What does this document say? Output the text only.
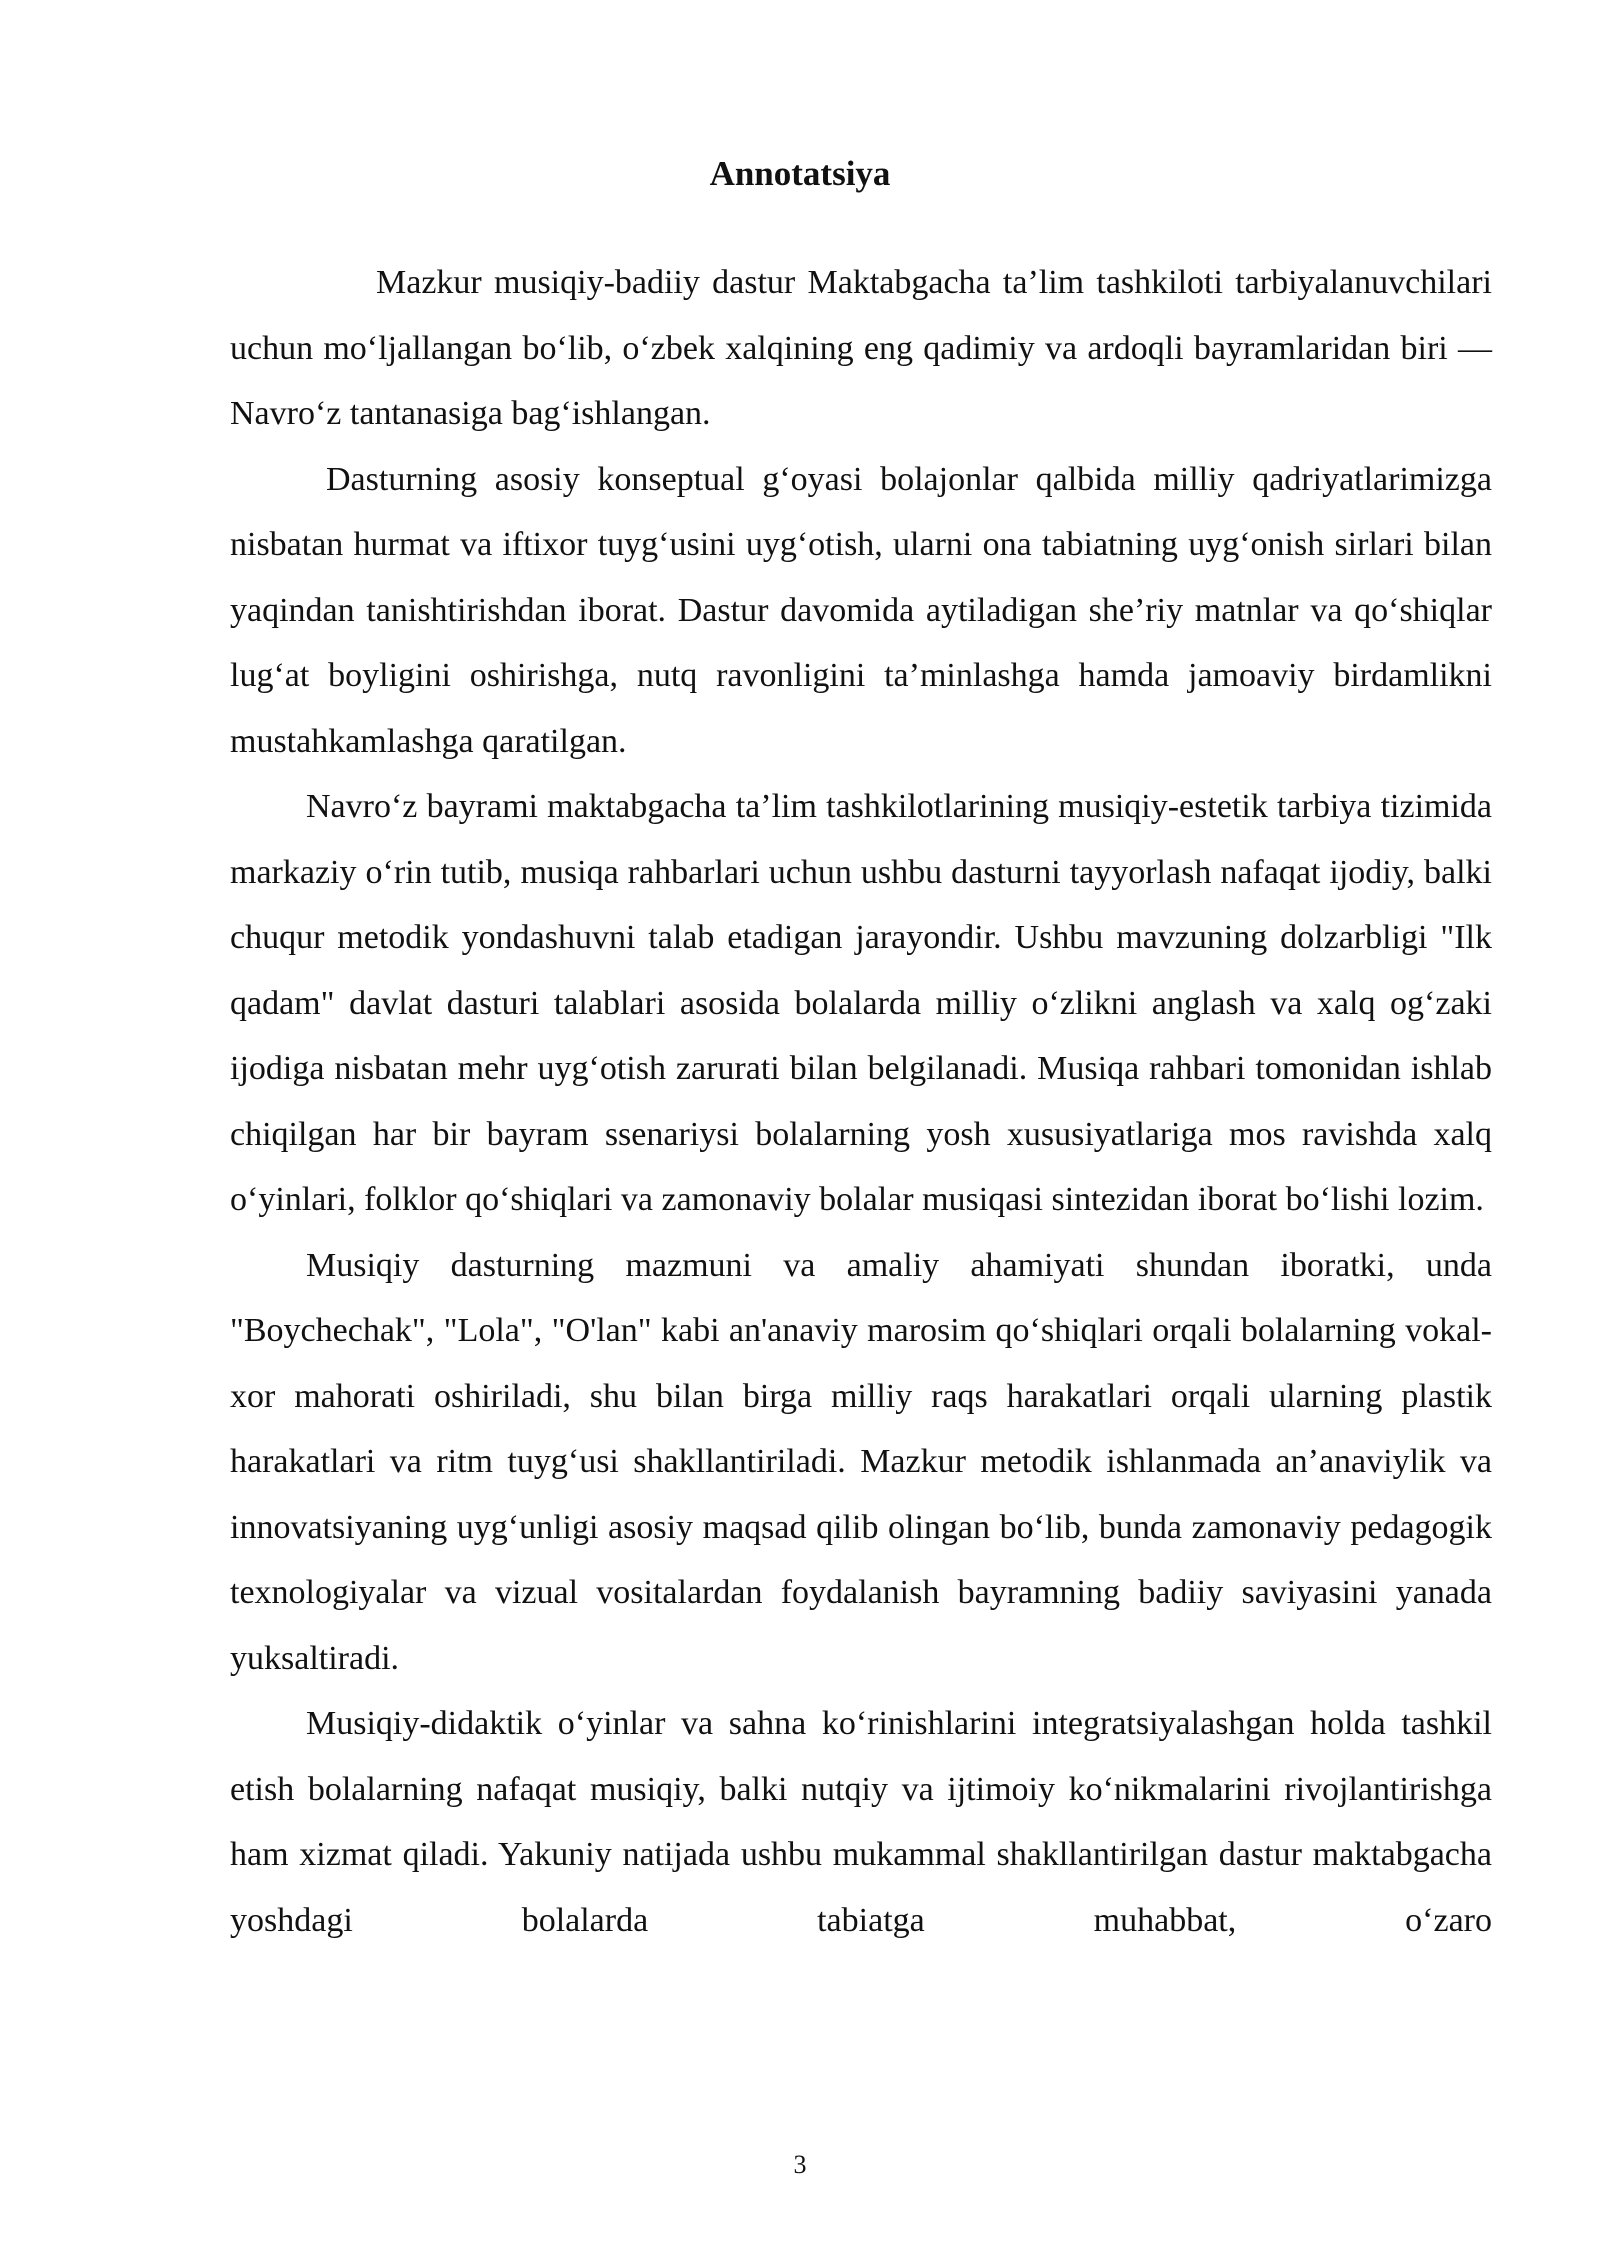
Annotatsiya

Mazkur musiqiy-badiiy dastur Maktabgacha ta’lim tashkiloti tarbiyalanuvchilari uchun mo‘ljallangan bo‘lib, o‘zbek xalqining eng qadimiy va ardoqli bayramlaridan biri — Navro‘z tantanasiga bag‘ishlangan.

Dasturning asosiy konseptual g‘oyasi bolajonlar qalbida milliy qadriyatlarimizga nisbatan hurmat va iftixor tuyg‘usini uyg‘otish, ularni ona tabiatning uyg‘onish sirlari bilan yaqindan tanishtirishdan iborat. Dastur davomida aytiladigan she’riy matnlar va qo‘shiqlar lug‘at boyligini oshirishga, nutq ravonligini ta’minlashga hamda jamoaviy birdamlikni mustahkamlashga qaratilgan.

Navro‘z bayrami maktabgacha ta’lim tashkilotlarining musiqiy-estetik tarbiya tizimida markaziy o‘rin tutib, musiqa rahbarlari uchun ushbu dasturni tayyorlash nafaqat ijodiy, balki chuqur metodik yondashuvni talab etadigan jarayondir. Ushbu mavzuning dolzarbligi "Ilk qadam" davlat dasturi talablari asosida bolalarda milliy o‘zlikni anglash va xalq og‘zaki ijodiga nisbatan mehr uyg‘otish zarurati bilan belgilanadi. Musiqa rahbari tomonidan ishlab chiqilgan har bir bayram ssenariysi bolalarning yosh xususiyatlariga mos ravishda xalq o‘yinlari, folklor qo‘shiqlari va zamonaviy bolalar musiqasi sintezidan iborat bo‘lishi lozim.

Musiqiy dasturning mazmuni va amaliy ahamiyati shundan iboratki, unda "Boychechak", "Lola", "O'lan" kabi an'anaviy marosim qo‘shiqlari orqali bolalarning vokal-xor mahorati oshiriladi, shu bilan birga milliy raqs harakatlari orqali ularning plastik harakatlari va ritm tuyg‘usi shakllantiriladi. Mazkur metodik ishlanmada an’anaviylik va innovatsiyaning uyg‘unligi asosiy maqsad qilib olingan bo‘lib, bunda zamonaviy pedagogik texnologiyalar va vizual vositalardan foydalanish bayramning badiiy saviyasini yanada yuksaltiradi.

Musiqiy-didaktik o‘yinlar va sahna ko‘rinishlarini integratsiyalashgan holda tashkil etish bolalarning nafaqat musiqiy, balki nutqiy va ijtimoiy ko‘nikmalarini rivojlantirishga ham xizmat qiladi. Yakuniy natijada ushbu mukammal shakllantirilgan dastur maktabgacha yoshdagi bolalarda tabiatga muhabbat, o‘zaro

3
